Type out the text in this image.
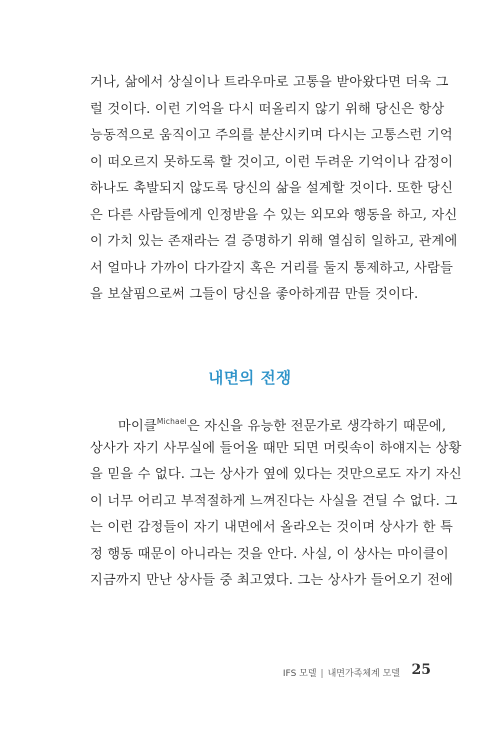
거나, 삶에서 상실이나 트라우마로 고통을 받아왔다면 더욱 그
럴 것이다. 이런 기억을 다시 떠올리지 않기 위해 당신은 항상
능동적으로 움직이고 주의를 분산시키며 다시는 고통스런 기억
이 떠오르지 못하도록 할 것이고, 이런 두려운 기억이나 감정이
하나도 촉발되지 않도록 당신의 삶을 설계할 것이다. 또한 당신
은 다른 사람들에게 인정받을 수 있는 외모와 행동을 하고, 자신
이 가치 있는 존재라는 걸 증명하기 위해 열심히 일하고, 관계에
서 얼마나 가까이 다가갈지 혹은 거리를 둘지 통제하고, 사람들
을 보살핌으로써 그들이 당신을 좋아하게끔 만들 것이다.
내면의 전쟁
마이클$^{Michael}$은 자신을 유능한 전문가로 생각하기 때문에,
상사가 자기 사무실에 들어올 때만 되면 머릿속이 하얘지는 상황
을 믿을 수 없다. 그는 상사가 옆에 있다는 것만으로도 자기 자신
이 너무 어리고 부적절하게 느껴진다는 사실을 견딜 수 없다. 그
는 이런 감정들이 자기 내면에서 올라오는 것이며 상사가 한 특
정 행동 때문이 아니라는 것을 안다. 사실, 이 상사는 마이클이
지금까지 만난 상사들 중 최고였다. 그는 상사가 들어오기 전에
IFS 모델 | 내면가족체계 모델 25
